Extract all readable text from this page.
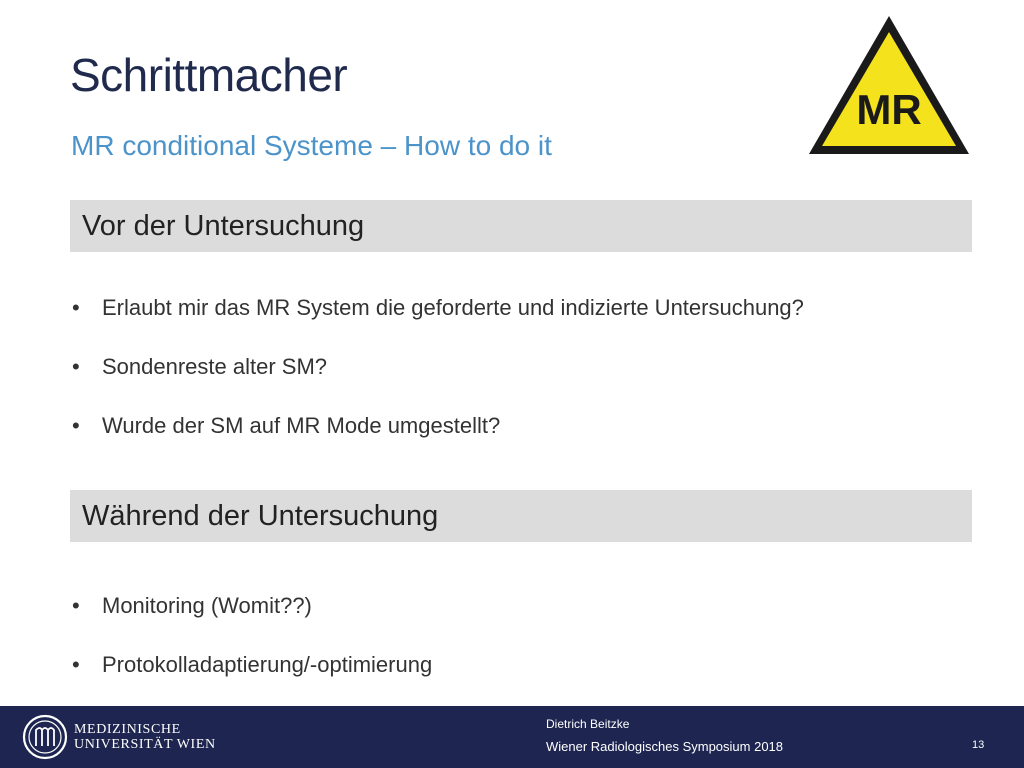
Schrittmacher
MR conditional Systeme – How to do it
MR
Vor der Untersuchung
• Erlaubt mir das MR System die geforderte und indizierte Untersuchung?
• Sondenreste alter SM?
• Wurde der SM auf MR Mode umgestellt?
Während der Untersuchung
• Monitoring (Womit??)
• Protokolladaptierung/-optimierung
MEDIZINISCHE
UNIVERSITÄT WIEN
Dietrich Beitzke
Wiener Radiologisches Symposium 2018	13
